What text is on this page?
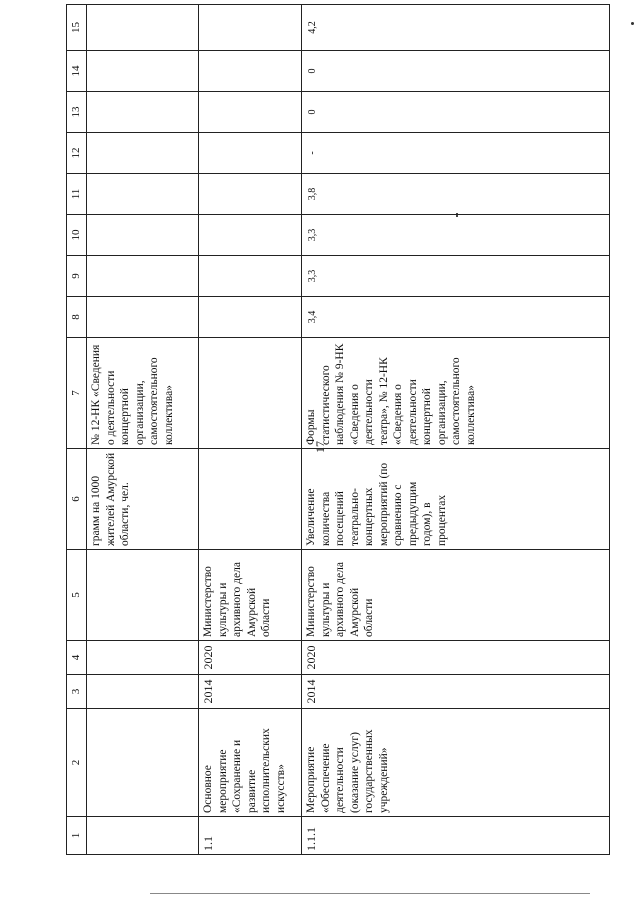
17
1	2	3	4	5	6	7	8	9	10	11	12	13	14	15
					грамм на 1000 жителей Амурской области, чел.	№ 12-НК «Сведения о деятельности концертной организации, самостоятельного коллектива»								
1.1	Основное мероприятие «Сохранение и развитие исполнительских искусств»	2014	2020	Министерство культуры и архивного дела Амурской области										
1.1.1	Мероприятие «Обеспечение деятельности (оказание услуг) государственных учреждений»	2014	2020	Министерство культуры и архивного дела Амурской области	Увеличение количества посещений театрально-концертных мероприятий (по сравнению с предыдущим годом), в процентах	Формы статистического наблюдения № 9-НК «Сведения о деятельности театра», № 12-НК «Сведения о деятельности концертной организации, самостоятельного коллектива»	3,4	3,3	3,3	3,8	-	0	0	4,2
